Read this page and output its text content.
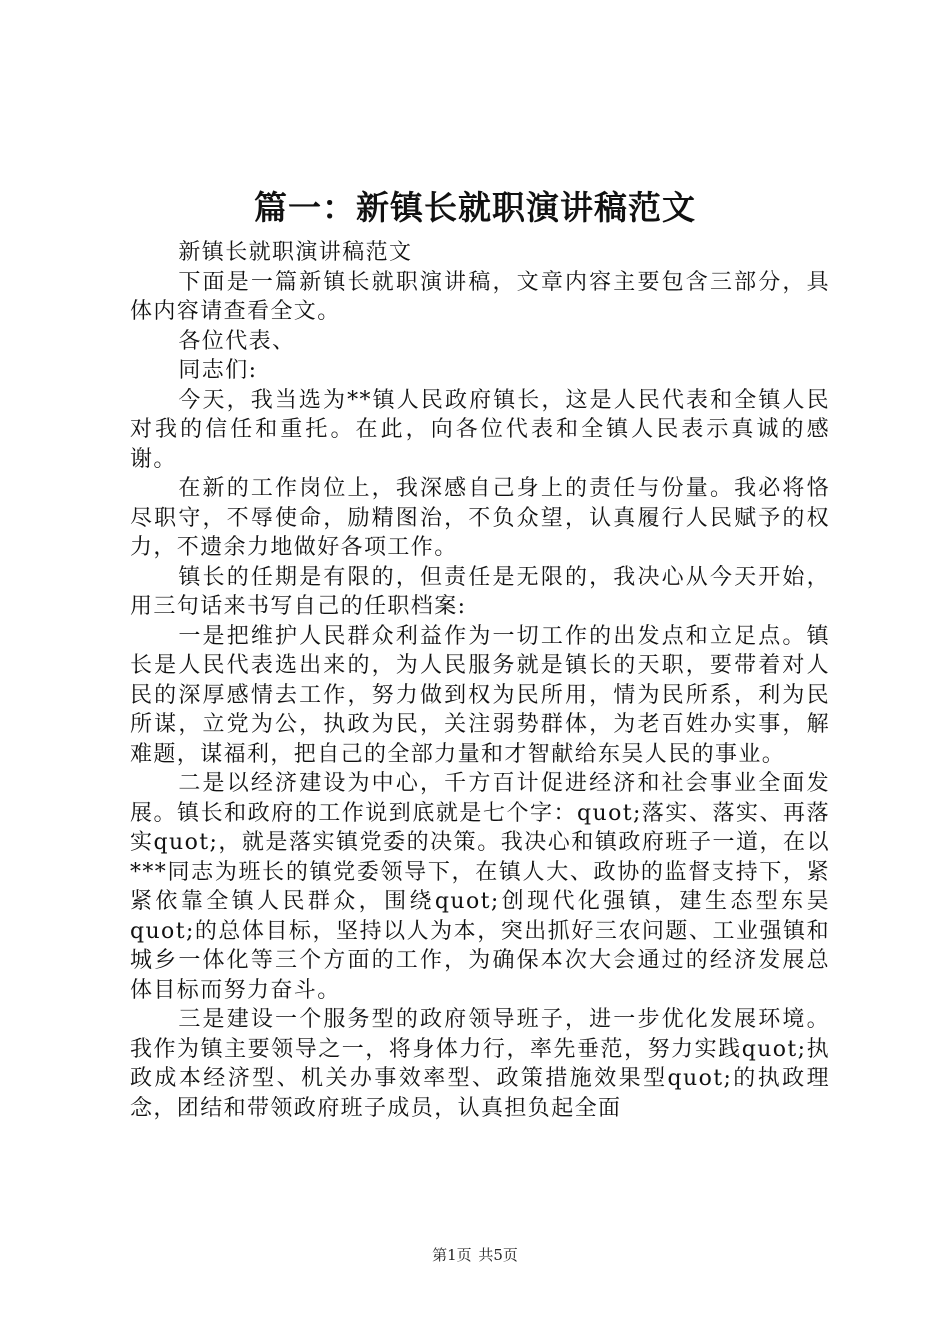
篇一：新镇长就职演讲稿范文

新镇长就职演讲稿范文

下面是一篇新镇长就职演讲稿，文章内容主要包含三部分，具体内容请查看全文。

各位代表、

同志们:

今天，我当选为**镇人民政府镇长，这是人民代表和全镇人民对我的信任和重托。在此，向各位代表和全镇人民表示真诚的感谢。

在新的工作岗位上，我深感自己身上的责任与份量。我必将恪尽职守，不辱使命，励精图治，不负众望，认真履行人民赋予的权力，不遗余力地做好各项工作。

镇长的任期是有限的，但责任是无限的，我决心从今天开始，用三句话来书写自己的任职档案:

一是把维护人民群众利益作为一切工作的出发点和立足点。镇长是人民代表选出来的，为人民服务就是镇长的天职，要带着对人民的深厚感情去工作，努力做到权为民所用，情为民所系，利为民所谋，立党为公，执政为民，关注弱势群体，为老百姓办实事，解难题，谋福利，把自己的全部力量和才智献给东吴人民的事业。

二是以经济建设为中心，千方百计促进经济和社会事业全面发展。镇长和政府的工作说到底就是七个字：quot;落实、落实、再落实quot;，就是落实镇党委的决策。我决心和镇政府班子一道，在以***同志为班长的镇党委领导下，在镇人大、政协的监督支持下，紧紧依靠全镇人民群众，围绕quot;创现代化强镇，建生态型东吴quot;的总体目标，坚持以人为本，突出抓好三农问题、工业强镇和城乡一体化等三个方面的工作，为确保本次大会通过的经济发展总体目标而努力奋斗。

三是建设一个服务型的政府领导班子，进一步优化发展环境。我作为镇主要领导之一，将身体力行，率先垂范，努力实践quot;执政成本经济型、机关办事效率型、政策措施效果型quot;的执政理念，团结和带领政府班子成员，认真担负起全面

第1页 共5页
